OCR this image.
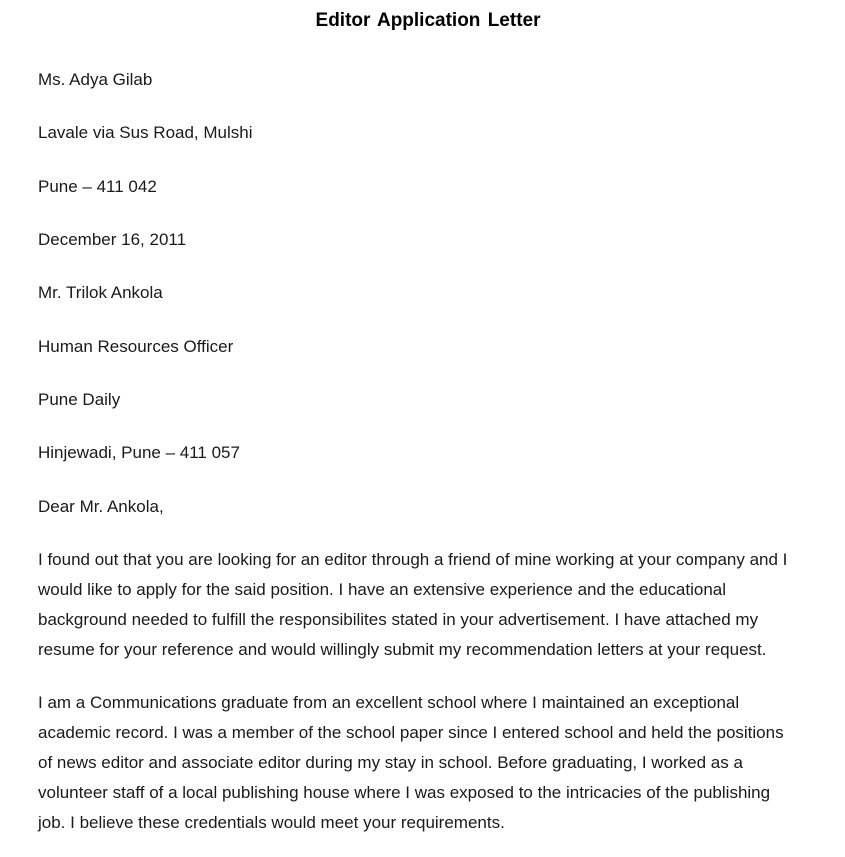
Editor Application Letter
Ms. Adya Gilab
Lavale via Sus Road, Mulshi
Pune – 411 042
December 16, 2011
Mr. Trilok Ankola
Human Resources Officer
Pune Daily
Hinjewadi, Pune – 411 057
Dear Mr. Ankola,
I found out that you are looking for an editor through a friend of mine working at your company and I
would like to apply for the said position. I have an extensive experience and the educational
background needed to fulfill the responsibilites stated in your advertisement. I have attached my
resume for your reference and would willingly submit my recommendation letters at your request.
I am a Communications graduate from an excellent school where I maintained an exceptional
academic record. I was a member of the school paper since I entered school and held the positions
of news editor and associate editor during my stay in school. Before graduating, I worked as a
volunteer staff of a local publishing house where I was exposed to the intricacies of the publishing
job. I believe these credentials would meet your requirements.
